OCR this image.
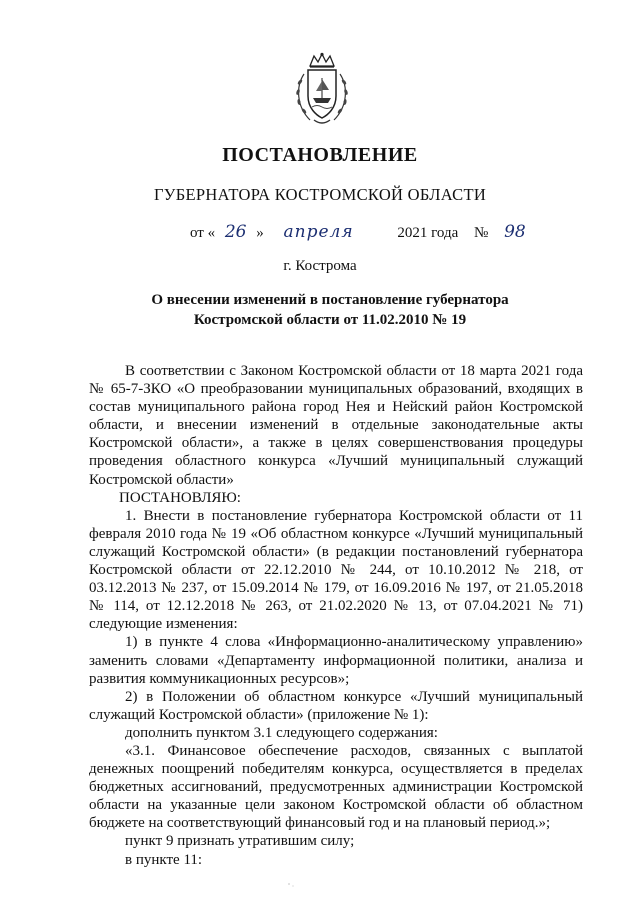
ПОСТАНОВЛЕНИЕ
ГУБЕРНАТОРА КОСТРОМСКОЙ ОБЛАСТИ
от « 26 » апреля	2021 года № 98
г. Кострома
О внесении изменений в постановление губернатора Костромской области от 11.02.2010 № 19

В соответствии с Законом Костромской области от 18 марта 2021 года № 65-7-ЗКО «О преобразовании муниципальных образований, входящих в состав муниципального района город Нея и Нейский район Костромской области, и внесении изменений в отдельные законодательные акты Костромской области», а также в целях совершенствования процедуры проведения областного конкурса «Лучший муниципальный служащий Костромской области»

ПОСТАНОВЛЯЮ:

1. Внести в постановление губернатора Костромской области от 11 февраля 2010 года № 19 «Об областном конкурсе «Лучший муниципальный служащий Костромской области» (в редакции постановлений губернатора Костромской области от 22.12.2010 № 244, от 10.10.2012 № 218, от 03.12.2013 № 237, от 15.09.2014 № 179, от 16.09.2016 № 197, от 21.05.2018 № 114, от 12.12.2018 № 263, от 21.02.2020 № 13, от 07.04.2021 № 71) следующие изменения:

1) в пункте 4 слова «Информационно-аналитическому управлению» заменить словами «Департаменту информационной политики, анализа и развития коммуникационных ресурсов»;

2) в Положении об областном конкурсе «Лучший муниципальный служащий Костромской области» (приложение № 1):

дополнить пунктом 3.1 следующего содержания:

«3.1. Финансовое обеспечение расходов, связанных с выплатой денежных поощрений победителям конкурса, осуществляется в пределах бюджетных ассигнований, предусмотренных администрации Костромской области на указанные цели законом Костромской области об областном бюджете на соответствующий финансовый год и на плановый период.»;

пункт 9 признать утратившим силу;

в пункте 11:
